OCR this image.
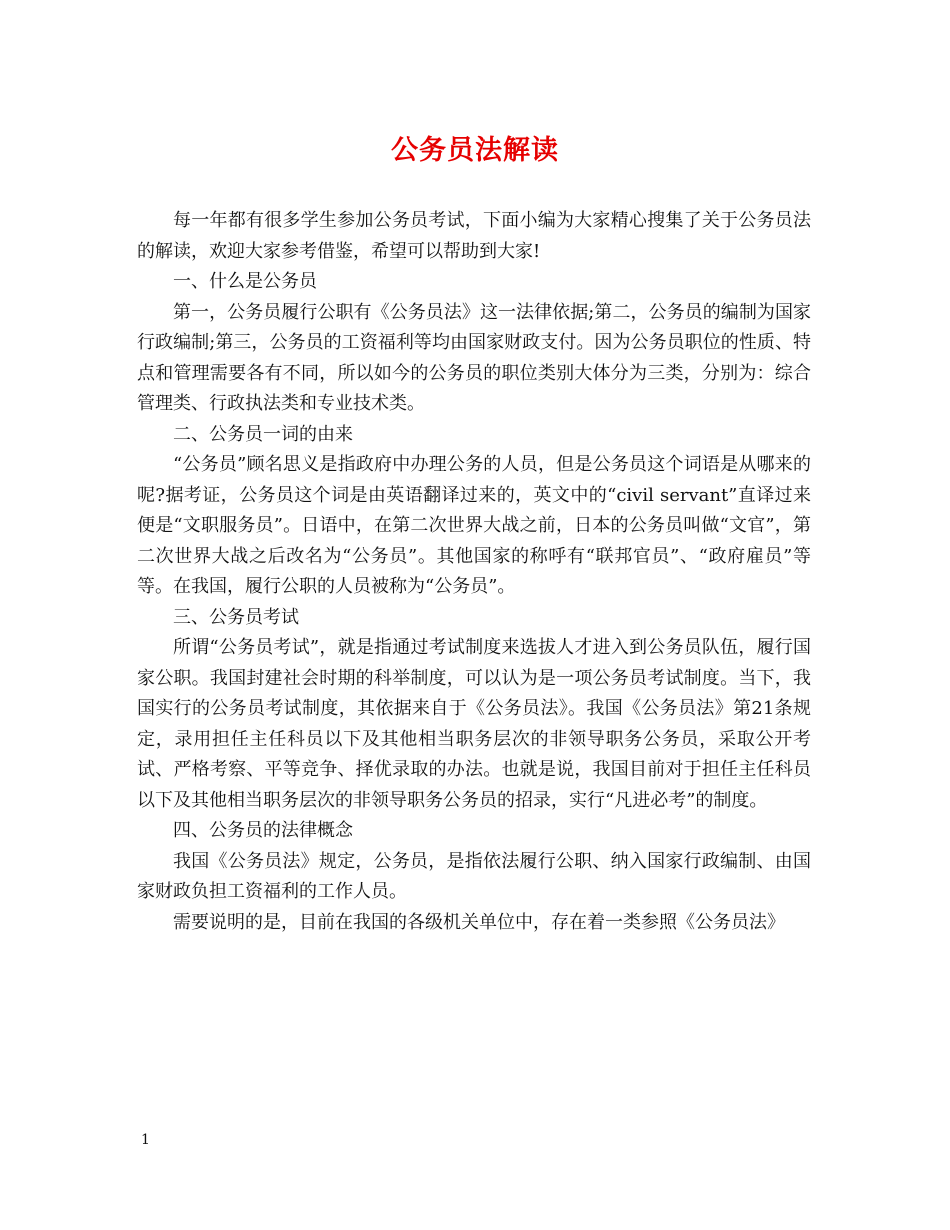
公务员法解读

每一年都有很多学生参加公务员考试，下面小编为大家精心搜集了关于公务员法的解读，欢迎大家参考借鉴，希望可以帮助到大家!

一、什么是公务员

第一，公务员履行公职有《公务员法》这一法律依据;第二，公务员的编制为国家行政编制;第三，公务员的工资福利等均由国家财政支付。因为公务员职位的性质、特点和管理需要各有不同，所以如今的公务员的职位类别大体分为三类，分别为：综合管理类、行政执法类和专业技术类。

二、公务员一词的由来

“公务员”顾名思义是指政府中办理公务的人员，但是公务员这个词语是从哪来的呢?据考证，公务员这个词是由英语翻译过来的，英文中的“civil servant”直译过来便是“文职服务员”。日语中，在第二次世界大战之前，日本的公务员叫做“文官”，第二次世界大战之后改名为“公务员”。其他国家的称呼有“联邦官员”、“政府雇员”等等。在我国，履行公职的人员被称为“公务员”。

三、公务员考试

所谓“公务员考试”，就是指通过考试制度来选拔人才进入到公务员队伍，履行国家公职。我国封建社会时期的科举制度，可以认为是一项公务员考试制度。当下，我国实行的公务员考试制度，其依据来自于《公务员法》。我国《公务员法》第21条规定，录用担任主任科员以下及其他相当职务层次的非领导职务公务员，采取公开考试、严格考察、平等竞争、择优录取的办法。也就是说，我国目前对于担任主任科员以下及其他相当职务层次的非领导职务公务员的招录，实行“凡进必考”的制度。

四、公务员的法律概念

我国《公务员法》规定，公务员，是指依法履行公职、纳入国家行政编制、由国家财政负担工资福利的工作人员。

需要说明的是，目前在我国的各级机关单位中，存在着一类参照《公务员法》

1
